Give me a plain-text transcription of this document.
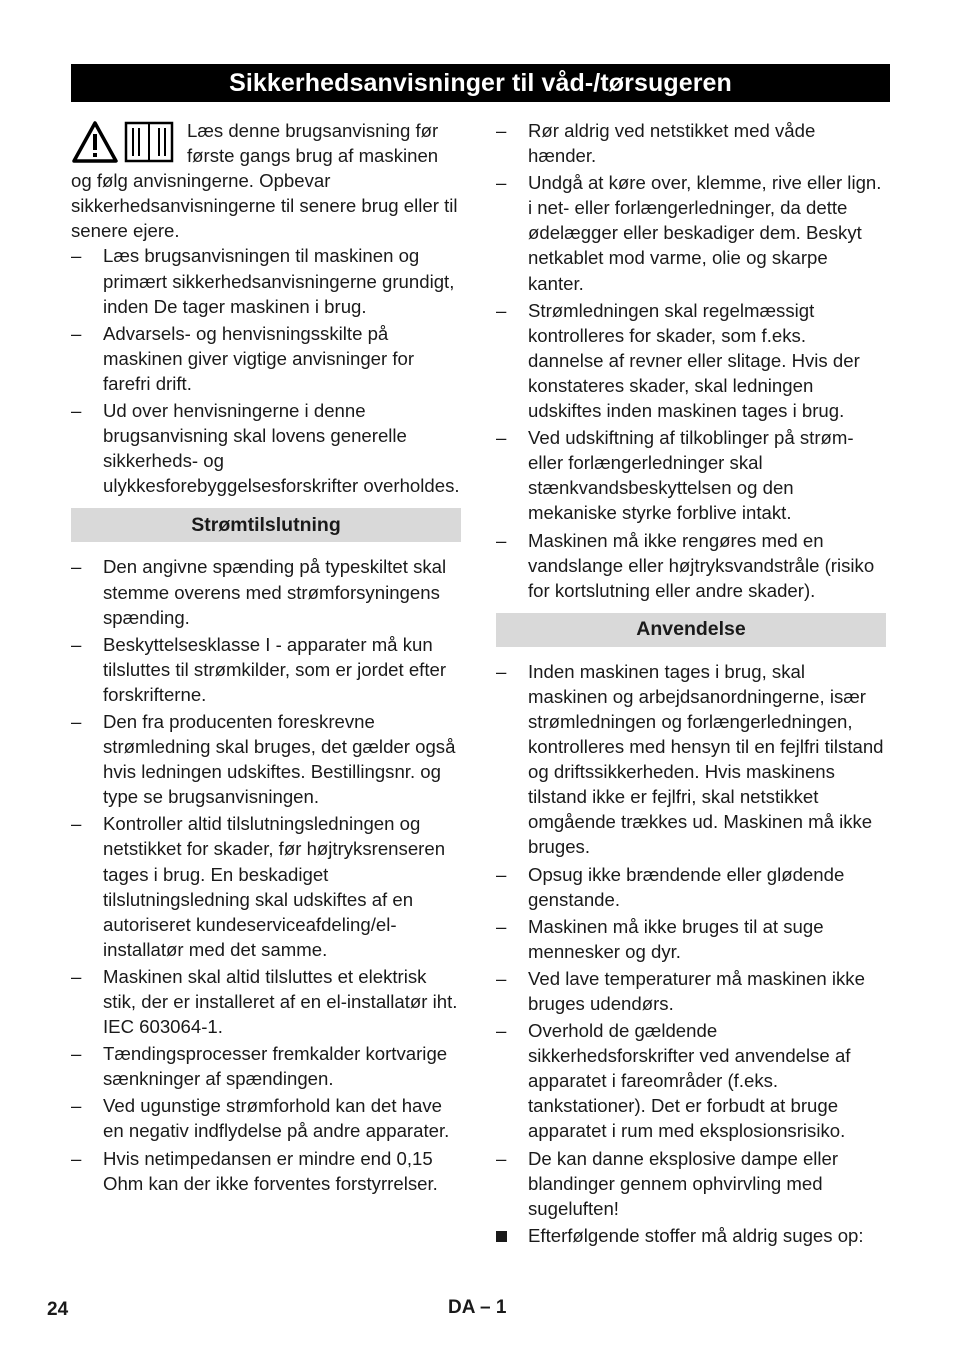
Sikkerhedsanvisninger til våd-/tørsugeren
Læs denne brugsanvisning før første gangs brug af maskinen og følg anvisningerne. Opbevar sikkerhedsanvisningerne til senere brug eller til senere ejere.
–	Læs brugsanvisningen til maskinen og primært sikkerhedsanvisningerne grundigt, inden De tager maskinen i brug.
–	Advarsels- og henvisningsskilte på maskinen giver vigtige anvisninger for farefri drift.
–	Ud over henvisningerne i denne brugsanvisning skal lovens generelle sikkerheds- og ulykkesforebyggelsesforskrifter overholdes.
Strømtilslutning
–	Den angivne spænding på typeskiltet skal stemme overens med strømforsyningens spænding.
–	Beskyttelsesklasse I - apparater må kun tilsluttes til strømkilder, som er jordet efter forskrifterne.
–	Den fra producenten foreskrevne strømledning skal bruges, det gælder også hvis ledningen udskiftes. Bestillingsnr. og type se brugsanvisningen.
–	Kontroller altid tilslutningsledningen og netstikket for skader, før højtryksrenseren tages i brug. En beskadiget tilslutningsledning skal udskiftes af en autoriseret kundeserviceafdeling/el-installatør med det samme.
–	Maskinen skal altid tilsluttes et elektrisk stik, der er installeret af en el-installatør iht. IEC 603064-1.
–	Tændingsprocesser fremkalder kortvarige sænkninger af spændingen.
–	Ved ugunstige strømforhold kan det have en negativ indflydelse på andre apparater.
–	Hvis netimpedansen er mindre end 0,15 Ohm kan der ikke forventes forstyrrelser.
–	Rør aldrig ved netstikket med våde hænder.
–	Undgå at køre over, klemme, rive eller lign. i net- eller forlængerledninger, da dette ødelægger eller beskadiger dem. Beskyt netkablet mod varme, olie og skarpe kanter.
–	Strømledningen skal regelmæssigt kontrolleres for skader, som f.eks. dannelse af revner eller slitage. Hvis der konstateres skader, skal ledningen udskiftes inden maskinen tages i brug.
–	Ved udskiftning af tilkoblinger på strøm- eller forlængerledninger skal stænkvandsbeskyttelsen og den mekaniske styrke forblive intakt.
–	Maskinen må ikke rengøres med en vandslange eller højtryksvandstråle (risiko for kortslutning eller andre skader).
Anvendelse
–	Inden maskinen tages i brug, skal maskinen og arbejdsanordningerne, især strømledningen og forlængerledningen, kontrolleres med hensyn til en fejlfri tilstand og driftssikkerheden. Hvis maskinens tilstand ikke er fejlfri, skal netstikket omgående trækkes ud. Maskinen må ikke bruges.
–	Opsug ikke brændende eller glødende genstande.
–	Maskinen må ikke bruges til at suge mennesker og dyr.
–	Ved lave temperaturer må maskinen ikke bruges udendørs.
–	Overhold de gældende sikkerhedsforskrifter ved anvendelse af apparatet i fareområder (f.eks. tankstationer). Det er forbudt at bruge apparatet i rum med eksplosionsrisiko.
–	De kan danne eksplosive dampe eller blandinger gennem ophvirvling med sugeluften!
Efterfølgende stoffer må aldrig suges op:
24	DA – 1
